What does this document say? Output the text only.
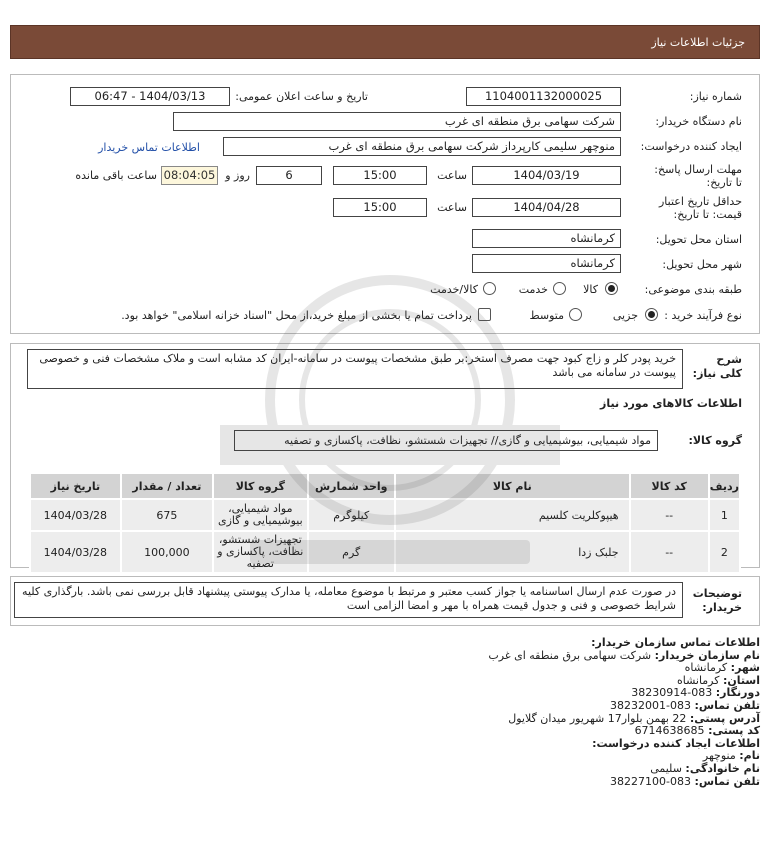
جزئیات اطلاعات نیاز
شماره نیاز:
1104001132000025
تاریخ و ساعت اعلان عمومی:
1404/03/13 - 06:47
نام دستگاه خریدار:
شرکت سهامی برق منطقه ای غرب
ایجاد کننده درخواست:
منوچهر سلیمی کارپرداز شرکت سهامی برق منطقه ای غرب
اطلاعات تماس خریدار
مهلت ارسال پاسخ: تا تاریخ:
1404/03/19
ساعت
15:00
6
روز و
08:04:05
ساعت باقی مانده
حداقل تاریخ اعتبار قیمت: تا تاریخ:
1404/04/28
ساعت
15:00
استان محل تحویل:
کرمانشاه
شهر محل تحویل:
کرمانشاه
طبقه بندی موضوعی:
کالا
خدمت
کالا/خدمت
نوع فرآیند خرید :
جزیی
متوسط
پرداخت تمام یا بخشی از مبلغ خرید،از محل "اسناد خزانه اسلامی" خواهد بود.
شرح کلی نیاز:
خرید پودر کلر و زاج کبود جهت مصرف استخر:بر طبق مشخصات پیوست در سامانه-ایران کد مشابه است و ملاک مشخصات فنی و خصوصی پیوست در سامانه می باشد
اطلاعات کالاهای مورد نیاز
گروه کالا:
مواد شیمیایی، بیوشیمیایی و گازی// تجهیزات شستشو، نظافت، پاکسازی و تصفیه
ردیف	کد کالا	نام کالا	واحد شمارش	گروه کالا	تعداد / مقدار	تاریخ نیاز
1	--	هیپوکلریت کلسیم	کیلوگرم	مواد شیمیایی، بیوشیمیایی و گازی	675	1404/03/28
2	--	جلبک زدا	گرم	تجهیزات شستشو، نظافت، پاکسازی و تصفیه	100,000	1404/03/28
توضیحات خریدار:
در صورت عدم ارسال اساسنامه یا جواز کسب معتبر و مرتبط با موضوع معامله، یا مدارک پیوستی پیشنهاد قابل بررسی نمی باشد. بارگذاری کلیه شرایط خصوصی و فنی و جدول قیمت همراه با مهر و امضا الزامی است
اطلاعات تماس سازمان خریدار:
نام سازمان خریدار: شرکت سهامی برق منطقه ای غرب
شهر: کرمانشاه
استان: کرمانشاه
دورنگار: 083-38230914
تلفن تماس: 083-38232001
آدرس پستی: 22 بهمن بلوار17 شهریور میدان گلایول
کد پستی: 6714638685
اطلاعات ایجاد کننده درخواست:
نام: منوچهر
نام خانوادگی: سلیمی
تلفن تماس: 083-38227100
